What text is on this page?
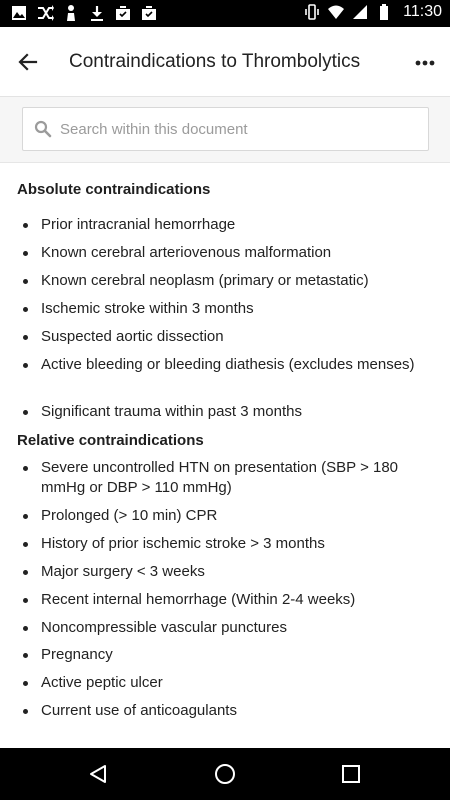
11:30
Contraindications to Thrombolytics
Search within this document
Absolute contraindications
Prior intracranial hemorrhage
Known cerebral arteriovenous malformation
Known cerebral neoplasm (primary or metastatic)
Ischemic stroke within 3 months
Suspected aortic dissection
Active bleeding or bleeding diathesis (excludes menses)
Significant trauma within past 3 months
Relative contraindications
Severe uncontrolled HTN on presentation (SBP > 180 mmHg or DBP > 110 mmHg)
Prolonged (> 10 min) CPR
History of prior ischemic stroke > 3 months
Major surgery < 3 weeks
Recent internal hemorrhage (Within 2-4 weeks)
Noncompressible vascular punctures
Pregnancy
Active peptic ulcer
Current use of anticoagulants
